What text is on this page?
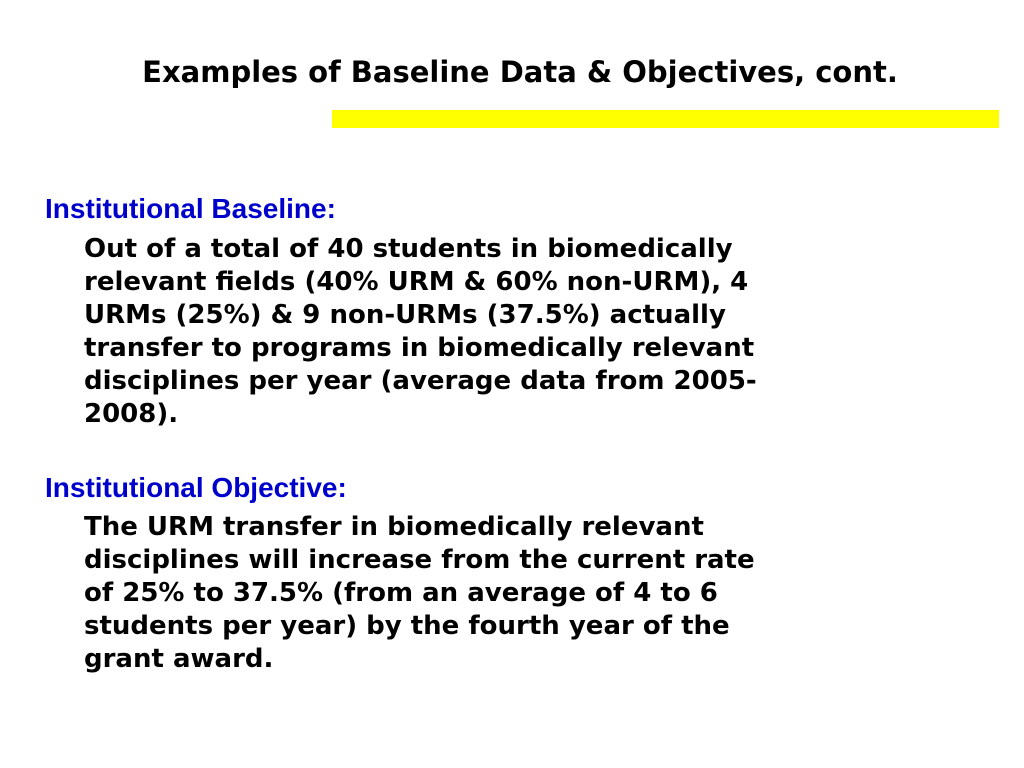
Examples of Baseline Data & Objectives, cont.
Institutional Baseline:

Out of a total of 40 students in biomedically
relevant fields (40% URM & 60% non-URM), 4
URMs (25%) & 9 non-URMs (37.5%) actually
transfer to programs in biomedically relevant
disciplines per year (average data from 2005-
2008).

Institutional Objective:

The URM transfer in biomedically relevant
disciplines will increase from the current rate
of 25% to 37.5% (from an average of 4 to 6
students per year) by the fourth year of the
grant award.
